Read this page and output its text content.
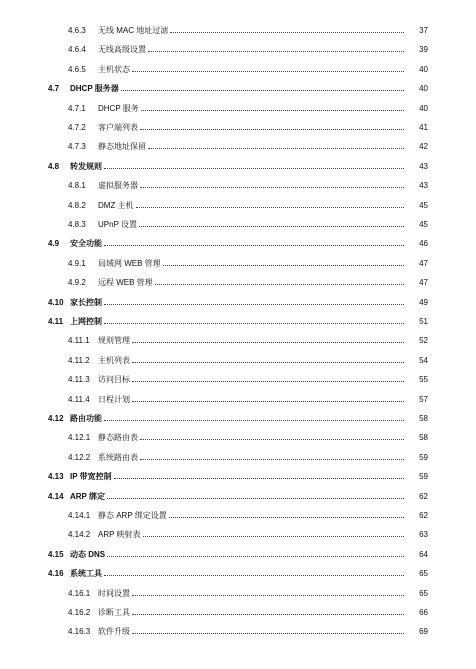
4.6.3	无线 MAC 地址过滤	37
4.6.4	无线高级设置	39
4.6.5	主机状态	40
4.7	DHCP 服务器	40
4.7.1	DHCP 服务	40
4.7.2	客户端列表	41
4.7.3	静态地址保留	42
4.8	转发规则	43
4.8.1	虚拟服务器	43
4.8.2	DMZ 主机	45
4.8.3	UPnP 设置	45
4.9	安全功能	46
4.9.1	局域网 WEB 管理	47
4.9.2	远程 WEB 管理	47
4.10 家长控制	49
4.11 上网控制	51
4.11.1	规则管理	52
4.11.2	主机列表	54
4.11.3	访问目标	55
4.11.4	日程计划	57
4.12 路由功能	58
4.12.1 静态路由表	58
4.12.2 系统路由表	59
4.13 IP 带宽控制	59
4.14 ARP 绑定	62
4.14.1 静态 ARP 绑定设置	62
4.14.2 ARP 映射表	63
4.15 动态 DNS	64
4.16 系统工具	65
4.16.1 时间设置	65
4.16.2 诊断工具	66
4.16.3 软件升级	69
